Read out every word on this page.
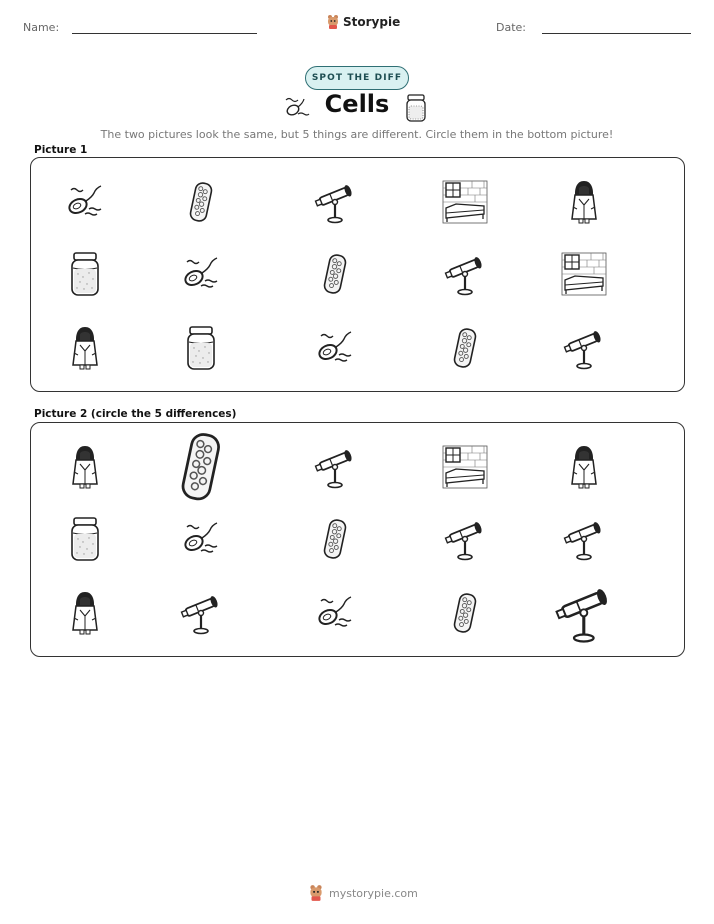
Name:	Storypie	Date:
SPOT THE DIFF
Cells
The two pictures look the same, but 5 things are different. Circle them in the bottom picture!
Picture 1
Picture 2 (circle the 5 differences)
mystorypie.com
